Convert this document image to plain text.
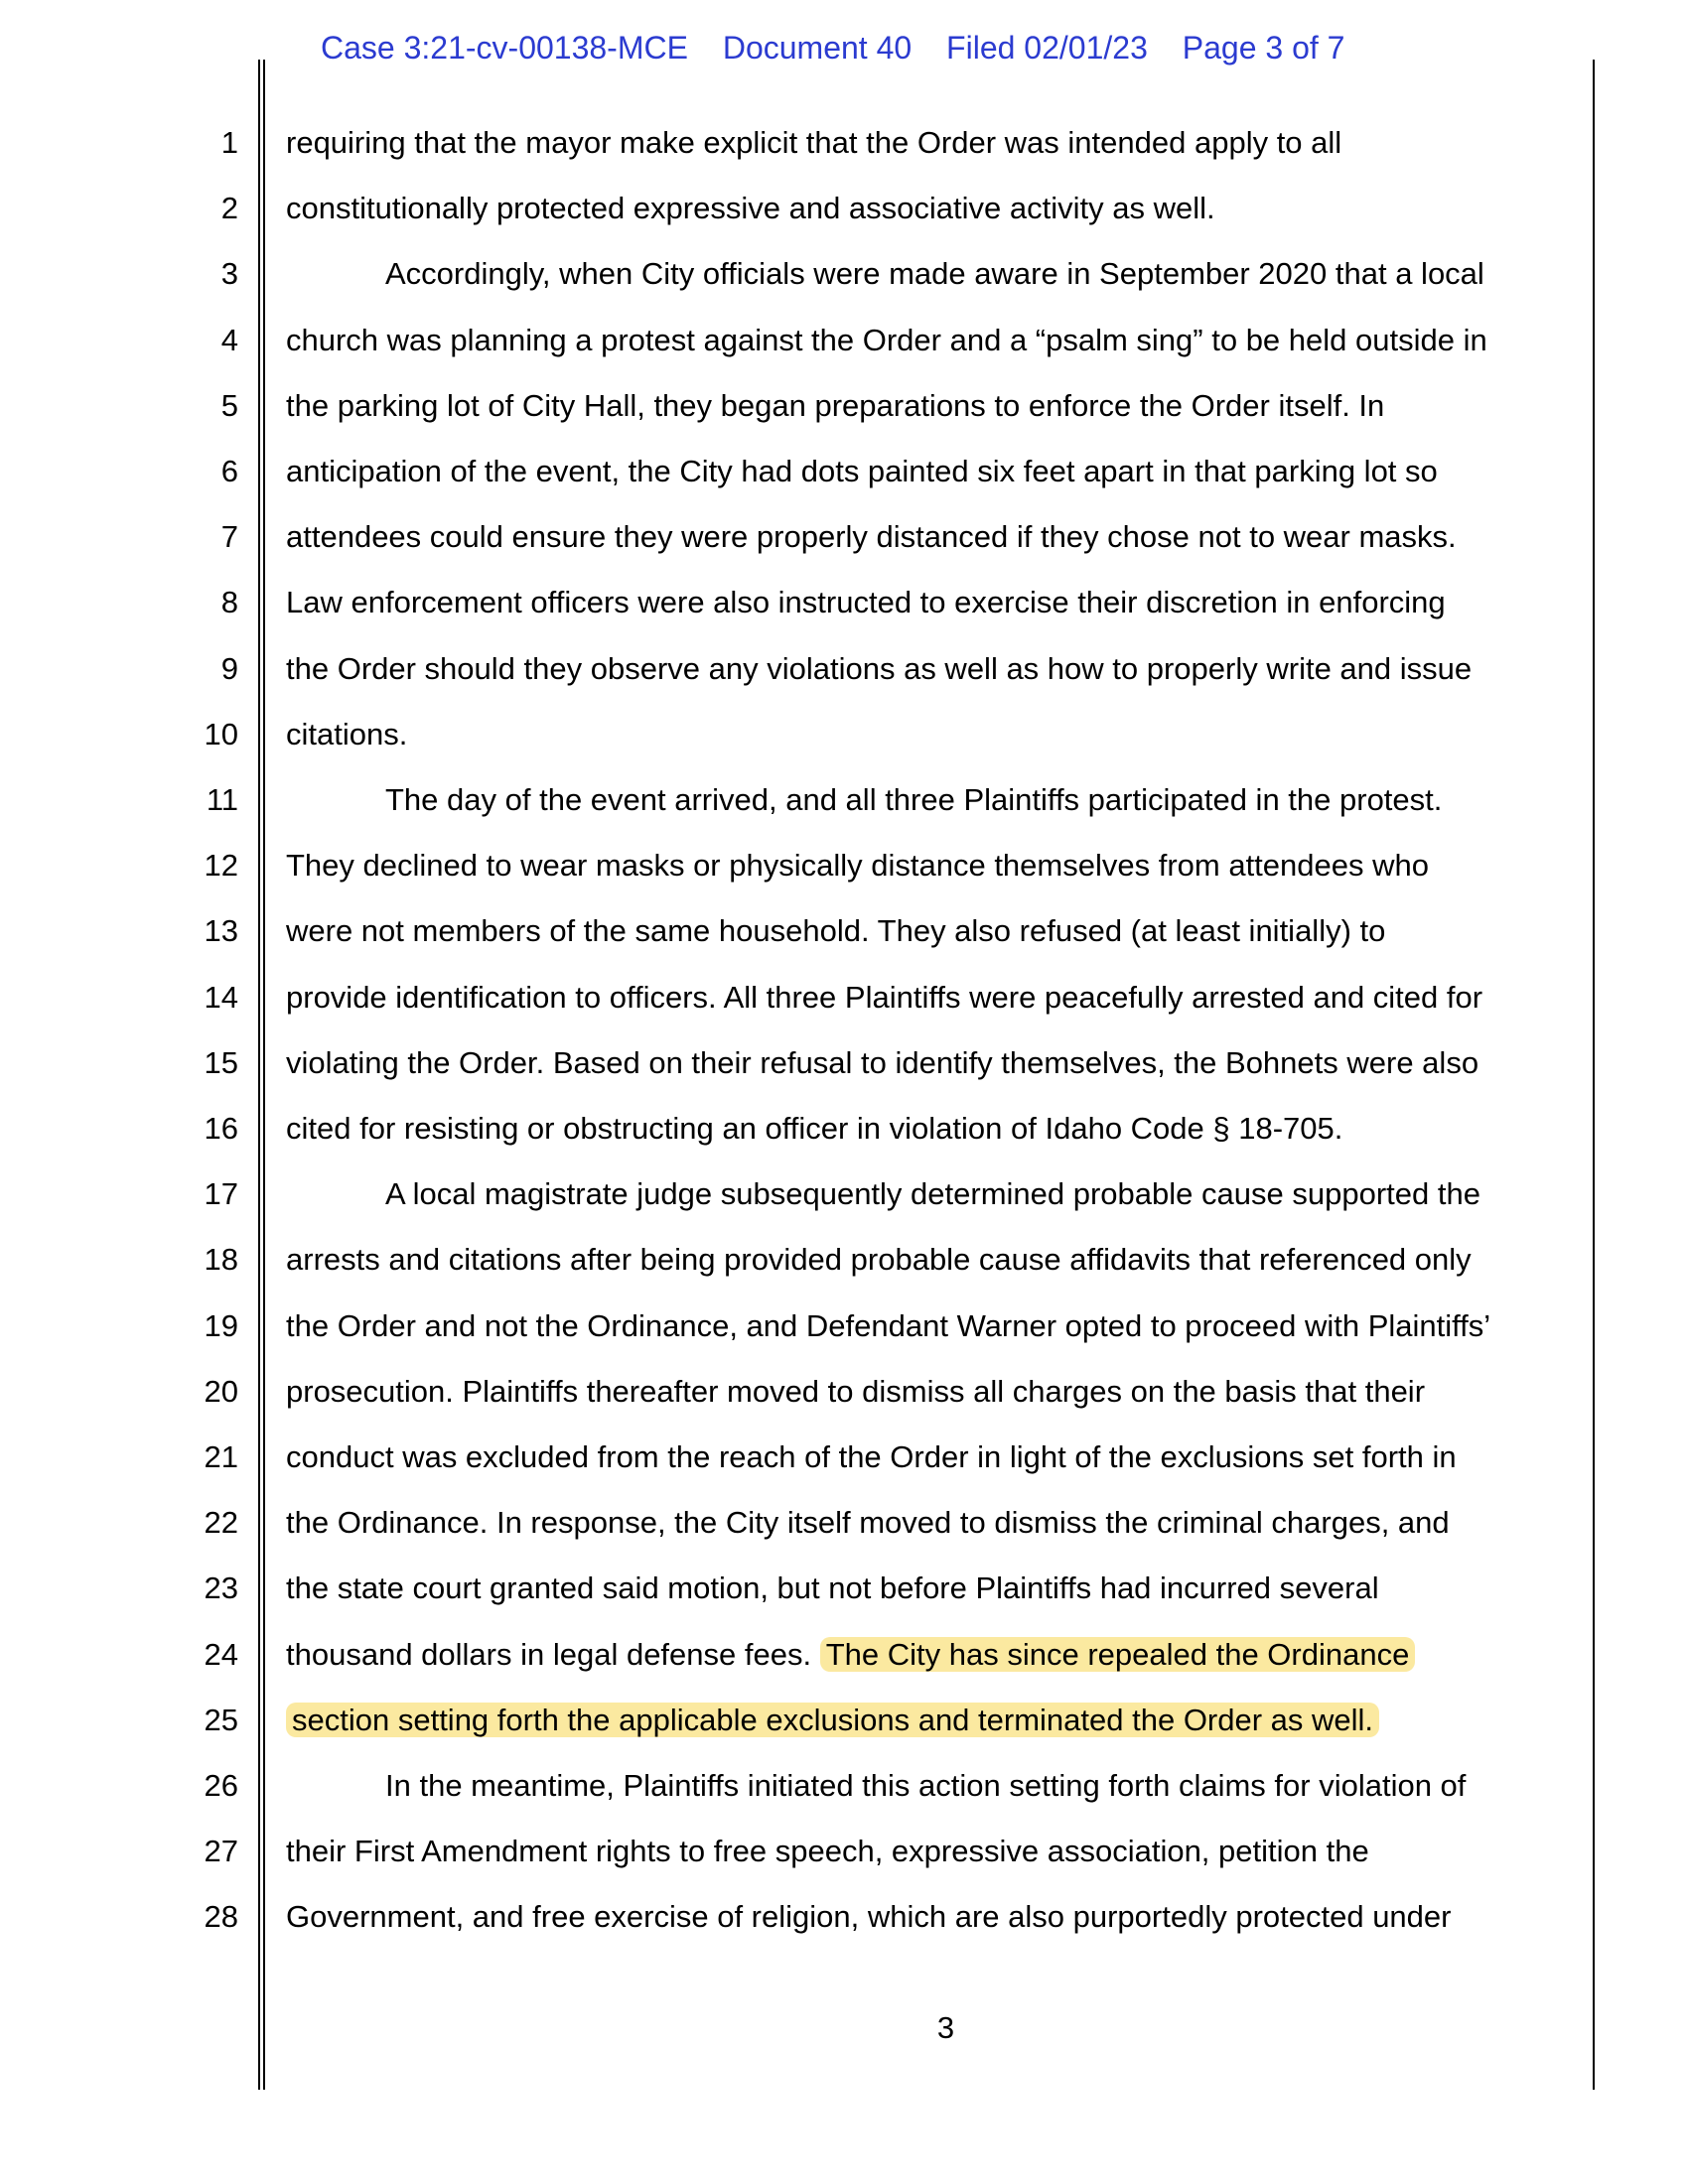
Case 3:21-cv-00138-MCE Document 40 Filed 02/01/23 Page 3 of 7
1 requiring that the mayor make explicit that the Order was intended apply to all
2 constitutionally protected expressive and associative activity as well.
3	Accordingly, when City officials were made aware in September 2020 that a local
4 church was planning a protest against the Order and a “psalm sing” to be held outside in
5 the parking lot of City Hall, they began preparations to enforce the Order itself. In
6 anticipation of the event, the City had dots painted six feet apart in that parking lot so
7 attendees could ensure they were properly distanced if they chose not to wear masks.
8 Law enforcement officers were also instructed to exercise their discretion in enforcing
9 the Order should they observe any violations as well as how to properly write and issue
10 citations.
11	The day of the event arrived, and all three Plaintiffs participated in the protest.
12 They declined to wear masks or physically distance themselves from attendees who
13 were not members of the same household. They also refused (at least initially) to
14 provide identification to officers. All three Plaintiffs were peacefully arrested and cited for
15 violating the Order. Based on their refusal to identify themselves, the Bohnets were also
16 cited for resisting or obstructing an officer in violation of Idaho Code § 18-705.
17	A local magistrate judge subsequently determined probable cause supported the
18 arrests and citations after being provided probable cause affidavits that referenced only
19 the Order and not the Ordinance, and Defendant Warner opted to proceed with Plaintiffs’
20 prosecution. Plaintiffs thereafter moved to dismiss all charges on the basis that their
21 conduct was excluded from the reach of the Order in light of the exclusions set forth in
22 the Ordinance. In response, the City itself moved to dismiss the criminal charges, and
23 the state court granted said motion, but not before Plaintiffs had incurred several
24 thousand dollars in legal defense fees. The City has since repealed the Ordinance
25 section setting forth the applicable exclusions and terminated the Order as well.
26	In the meantime, Plaintiffs initiated this action setting forth claims for violation of
27 their First Amendment rights to free speech, expressive association, petition the
28 Government, and free exercise of religion, which are also purportedly protected under
3
